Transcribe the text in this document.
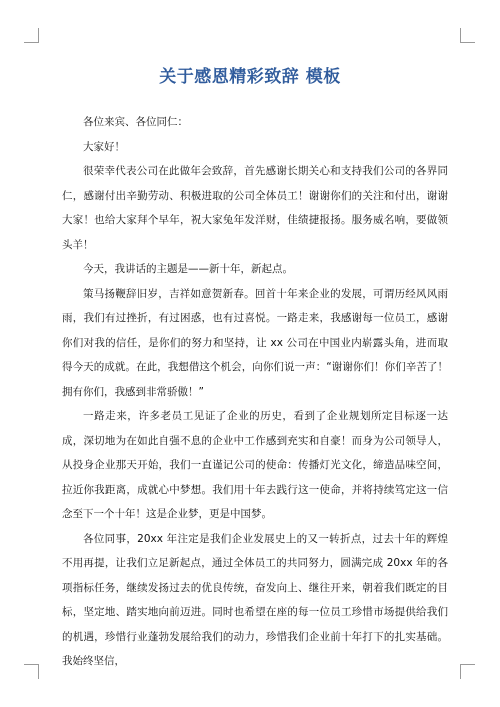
关于感恩精彩致辞 模板

各位来宾、各位同仁：

大家好！

很荣幸代表公司在此做年会致辞，首先感谢长期关心和支持我们公司的各界同仁，感谢付出辛勤劳动、积极进取的公司全体员工！谢谢你们的关注和付出，谢谢大家！也给大家拜个早年，祝大家兔年发洋财，佳绩捷报扬。服务威名响，要做领头羊！

今天，我讲话的主题是——新十年，新起点。

策马扬鞭辞旧岁，吉祥如意贺新春。回首十年来企业的发展，可谓历经风风雨雨，我们有过挫折，有过困惑，也有过喜悦。一路走来，我感谢每一位员工，感谢你们对我的信任，是你们的努力和坚持，让 xx 公司在中国业内崭露头角，进而取得今天的成就。在此，我想借这个机会，向你们说一声：“谢谢你们！你们辛苦了！拥有你们，我感到非常骄傲！”

一路走来，许多老员工见证了企业的历史，看到了企业规划所定目标逐一达成，深切地为在如此自强不息的企业中工作感到充实和自豪！而身为公司领导人，从投身企业那天开始，我们一直谨记公司的使命：传播灯光文化，缔造品味空间，拉近你我距离，成就心中梦想。我们用十年去践行这一使命，并将持续笃定这一信念至下一个十年！这是企业梦，更是中国梦。

各位同事，20xx 年注定是我们企业发展史上的又一转折点，过去十年的辉煌不用再提，让我们立足新起点，通过全体员工的共同努力，圆满完成 20xx 年的各项指标任务，继续发扬过去的优良传统，奋发向上、继往开来，朝着我们既定的目标，坚定地、踏实地向前迈进。同时也希望在座的每一位员工珍惜市场提供给我们的机遇，珍惜行业蓬勃发展给我们的动力，珍惜我们企业前十年打下的扎实基础。我始终坚信，
